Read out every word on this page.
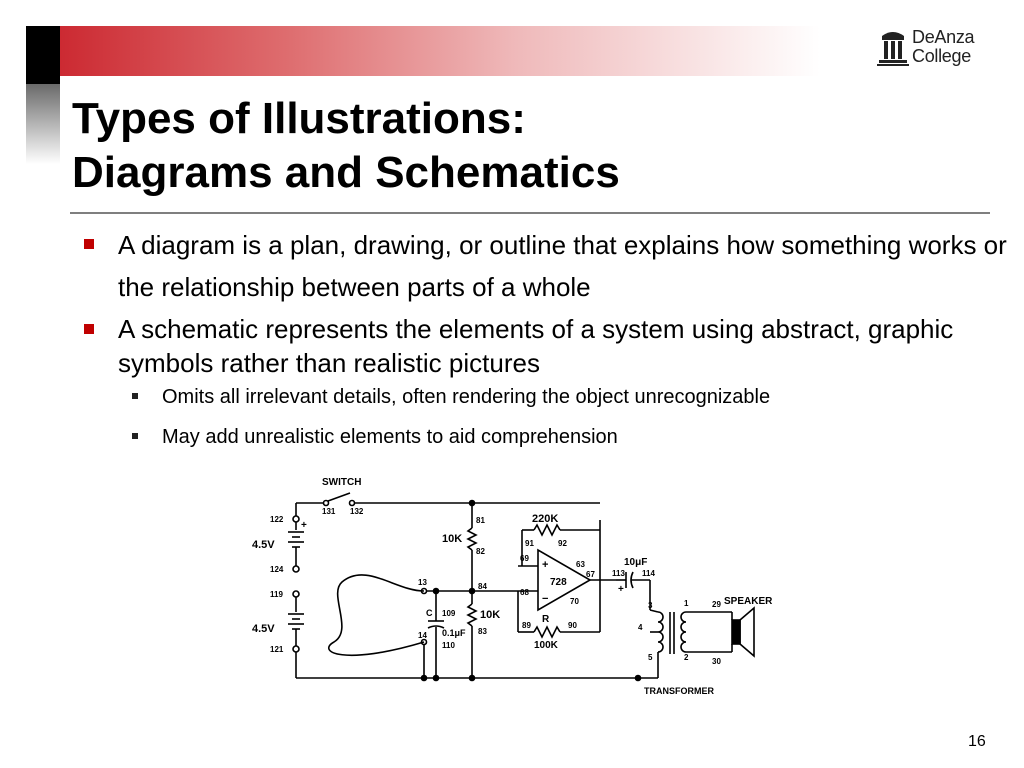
DeAnza
College
Types of Illustrations:
Diagrams and Schematics
A diagram is a plan, drawing, or outline that explains how something works or the relationship between parts of a whole
A schematic represents the elements of a system using abstract, graphic symbols rather than realistic pictures
Omits all irrelevant details, often rendering the object unrecognizable
May add unrealistic elements to aid comprehension
SWITCH
131 132
122
+
4.5V
124
119
4.5V
121
13
14
C 109
0.1μF
110
81
10K
82
84
10K
83
728
+
−
220K
91	92
69
68
63
67
70
R
100K
89	90
10μF
113 114
+
3
4
5
1
2
29
30
TRANSFORMER
SPEAKER
16
